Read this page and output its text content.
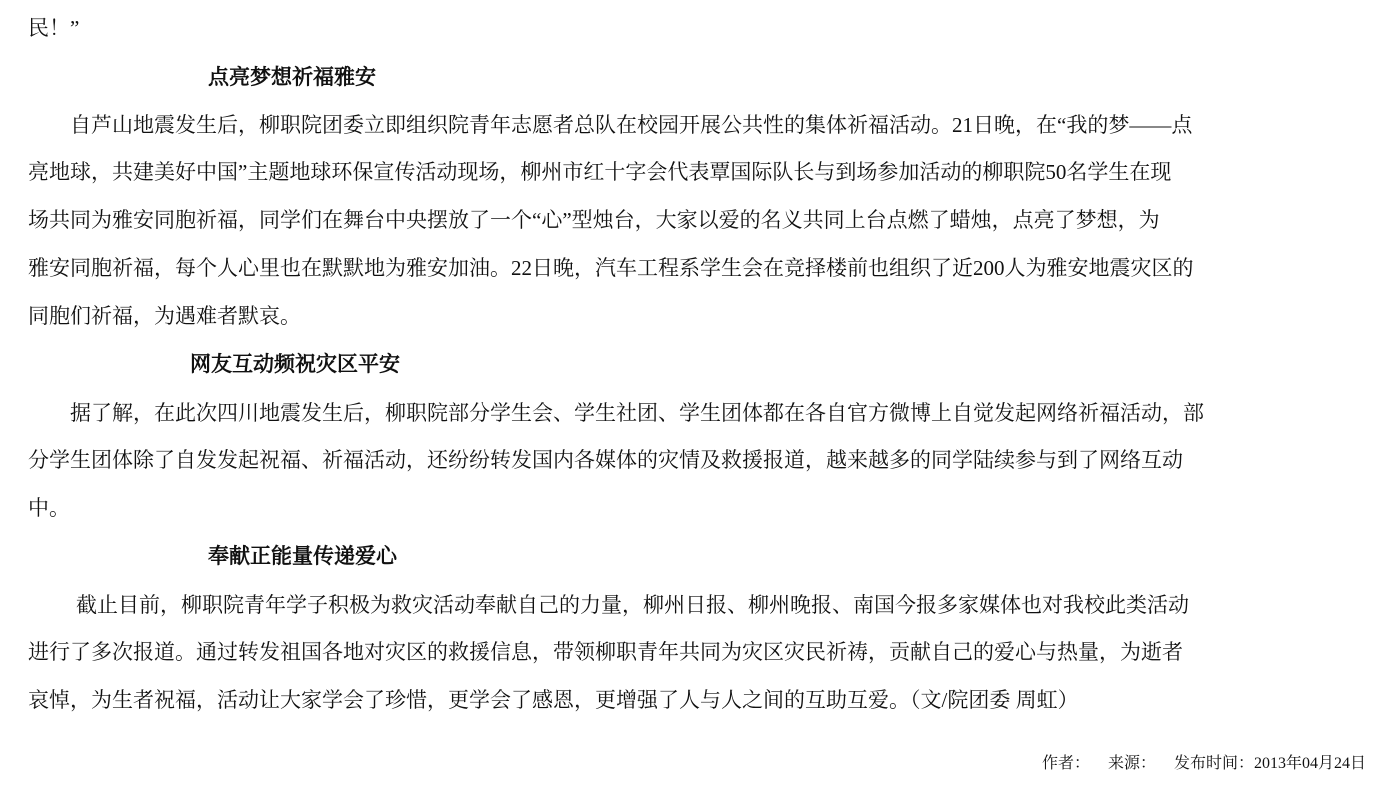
民！”
点亮梦想祈福雅安
自芦山地震发生后，柳职院团委立即组织院青年志愿者总队在校园开展公共性的集体祈福活动。21日晚，在“我的梦——点
亮地球，共建美好中国”主题地球环保宣传活动现场，柳州市红十字会代表覃国际队长与到场参加活动的柳职院50名学生在现
场共同为雅安同胞祈福，同学们在舞台中央摆放了一个“心”型烛台，大家以爱的名义共同上台点燃了蜡烛，点亮了梦想，为
雅安同胞祈福，每个人心里也在默默地为雅安加油。22日晚，汽车工程系学生会在竞择楼前也组织了近200人为雅安地震灾区的
同胞们祈福，为遇难者默哀。
网友互动频祝灾区平安
据了解，在此次四川地震发生后，柳职院部分学生会、学生社团、学生团体都在各自官方微博上自觉发起网络祈福活动，部
分学生团体除了自发发起祝福、祈福活动，还纷纷转发国内各媒体的灾情及救援报道，越来越多的同学陆续参与到了网络互动
中。
奉献正能量传递爱心
截止目前，柳职院青年学子积极为救灾活动奉献自己的力量，柳州日报、柳州晚报、南国今报多家媒体也对我校此类活动
进行了多次报道。通过转发祖国各地对灾区的救援信息，带领柳职青年共同为灾区灾民祈祷，贡献自己的爱心与热量，为逝者
哀悼，为生者祝福，活动让大家学会了珍惜，更学会了感恩，更增强了人与人之间的互助互爱。（文/院团委 周虹）
作者： 来源： 发布时间：2013年04月24日
